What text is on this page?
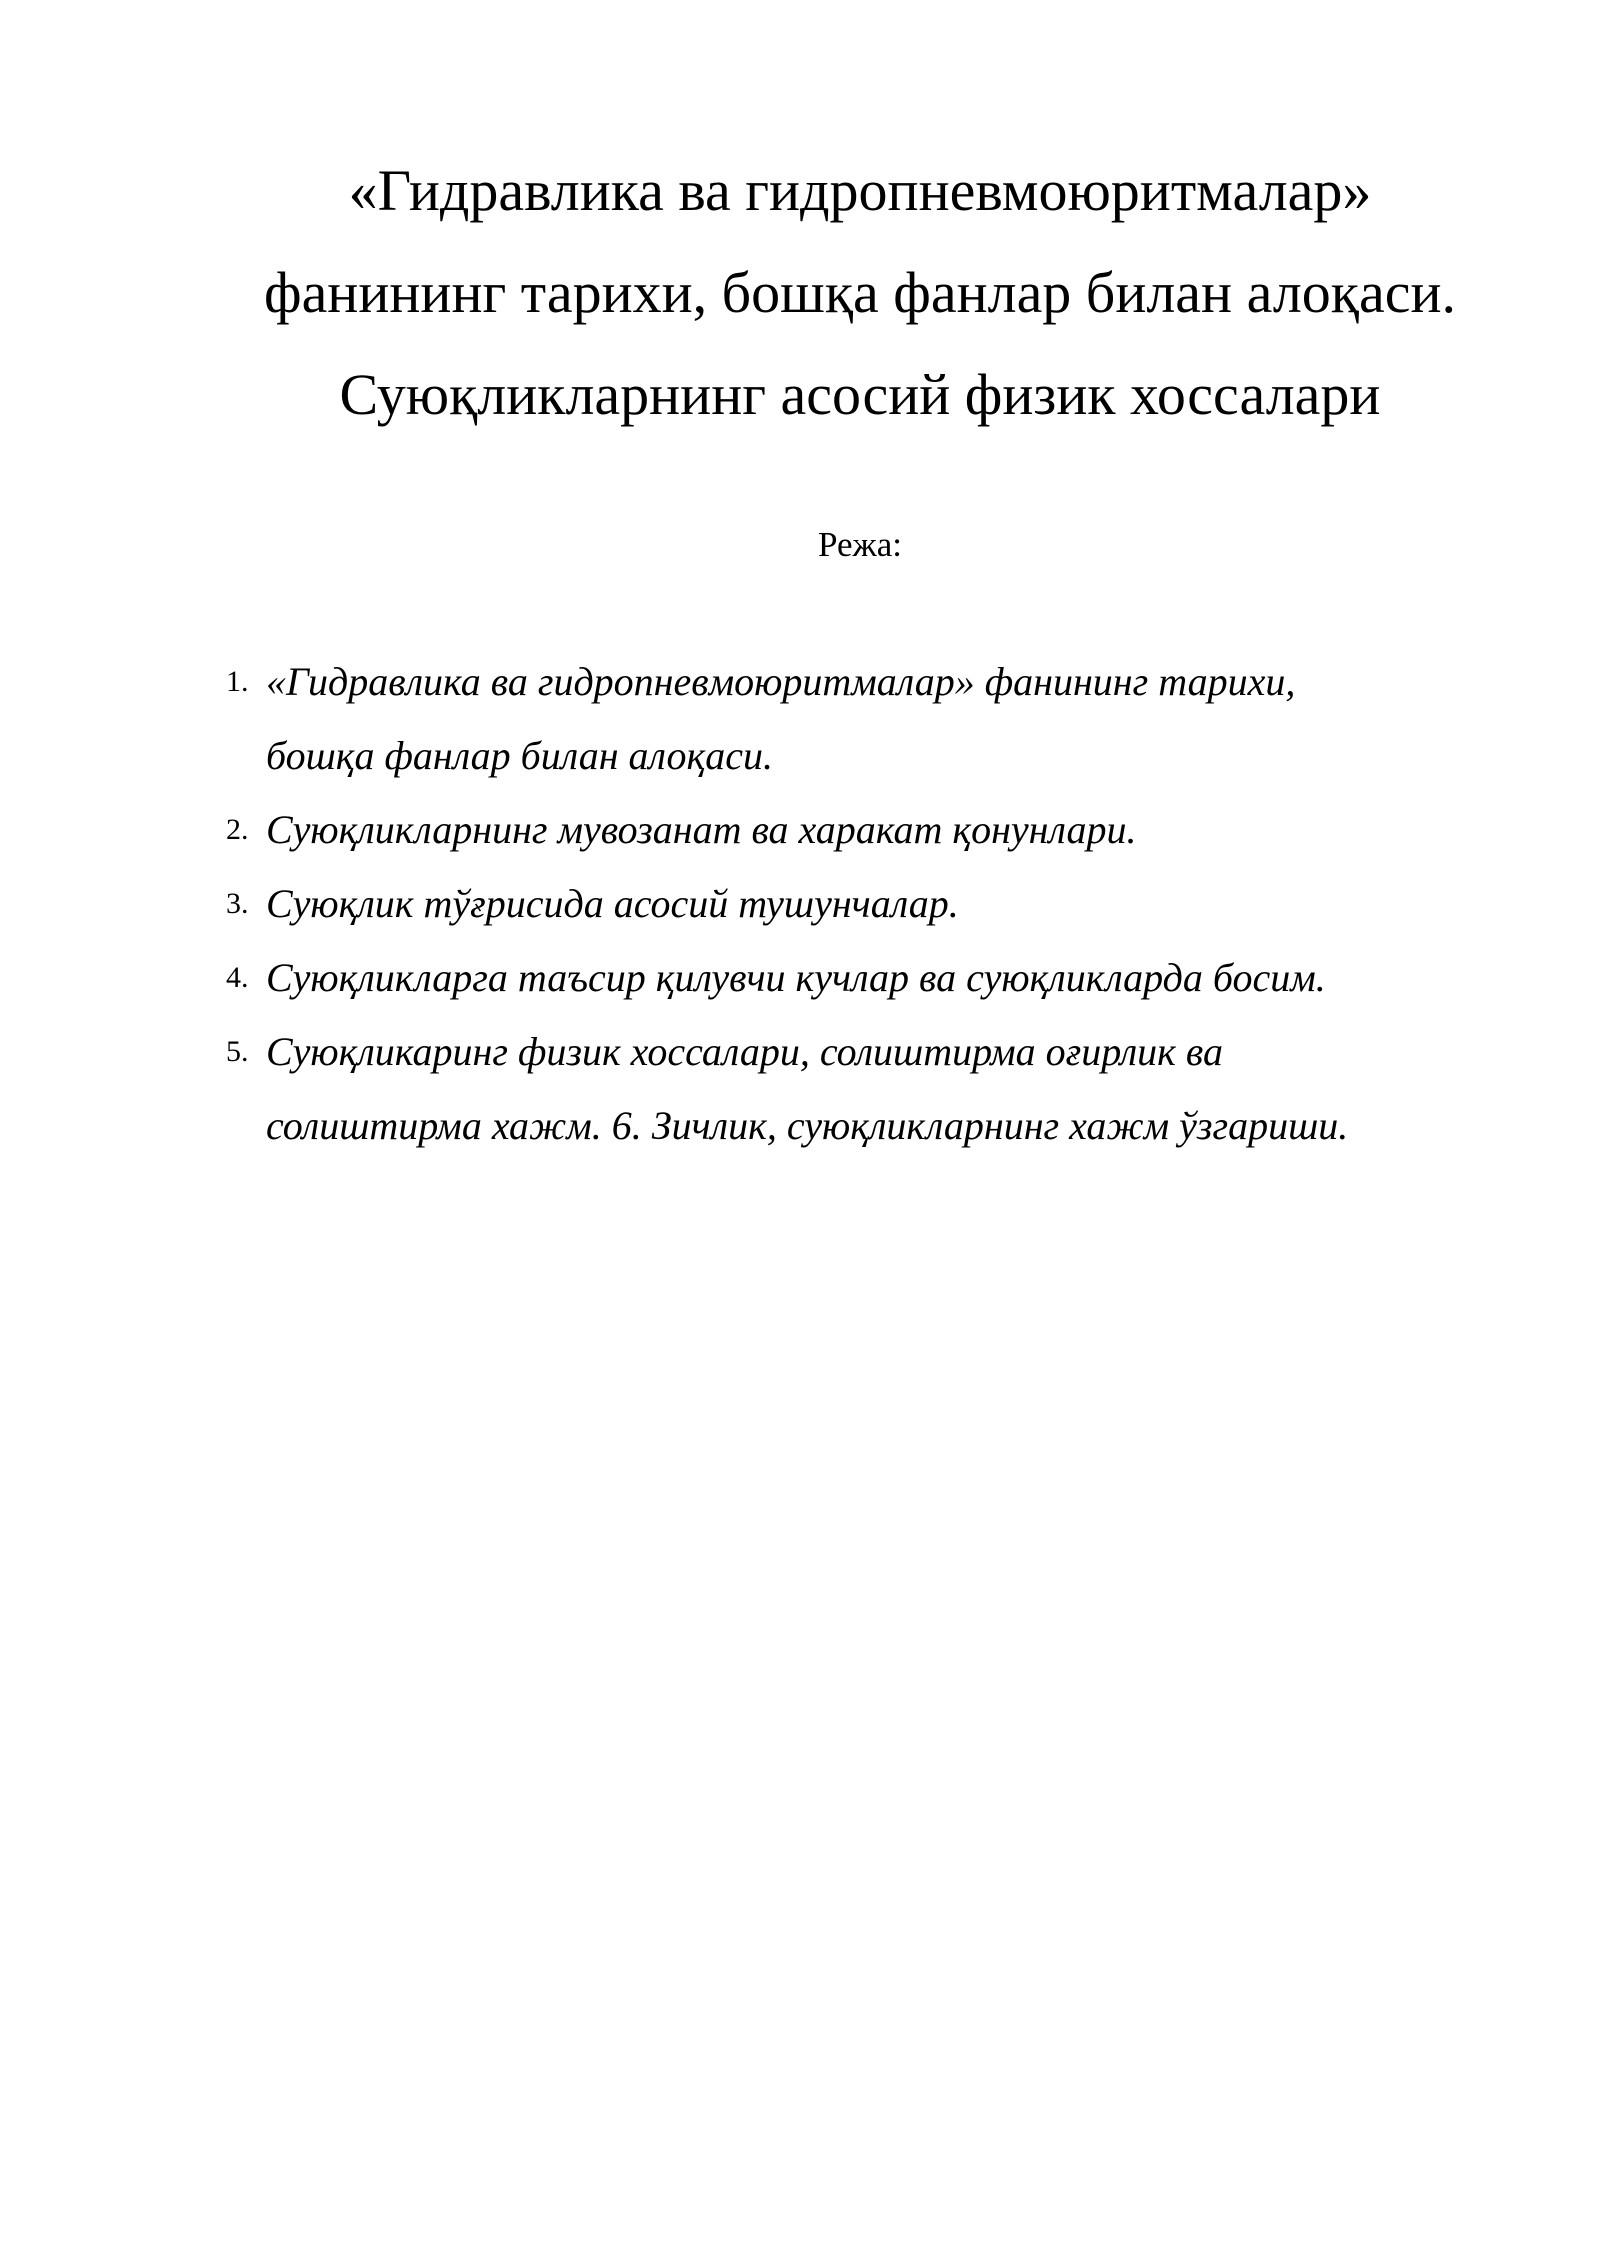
«Гидравлика ва гидропневмоюритмалар»
фанининг тарихи, бошқа фанлар билан алоқаси.
Суюқликларнинг асосий физик хоссалари
Режа:
1. «Гидравлика ва гидропневмоюритмалар» фанининг тарихи,
бошқа фанлар билан алоқаси.
2. Суюқликларнинг мувозанат ва харакат қонунлари.
3. Суюқлик тўғрисида асосий тушунчалар.
4. Суюқликларга таъсир қилувчи кучлар ва суюқликларда босим.
5. Суюқликаринг физик хоссалари, солиштирма оғирлик ва
солиштирма хажм. 6. Зичлик, суюқликларнинг хажм ўзгариши.
